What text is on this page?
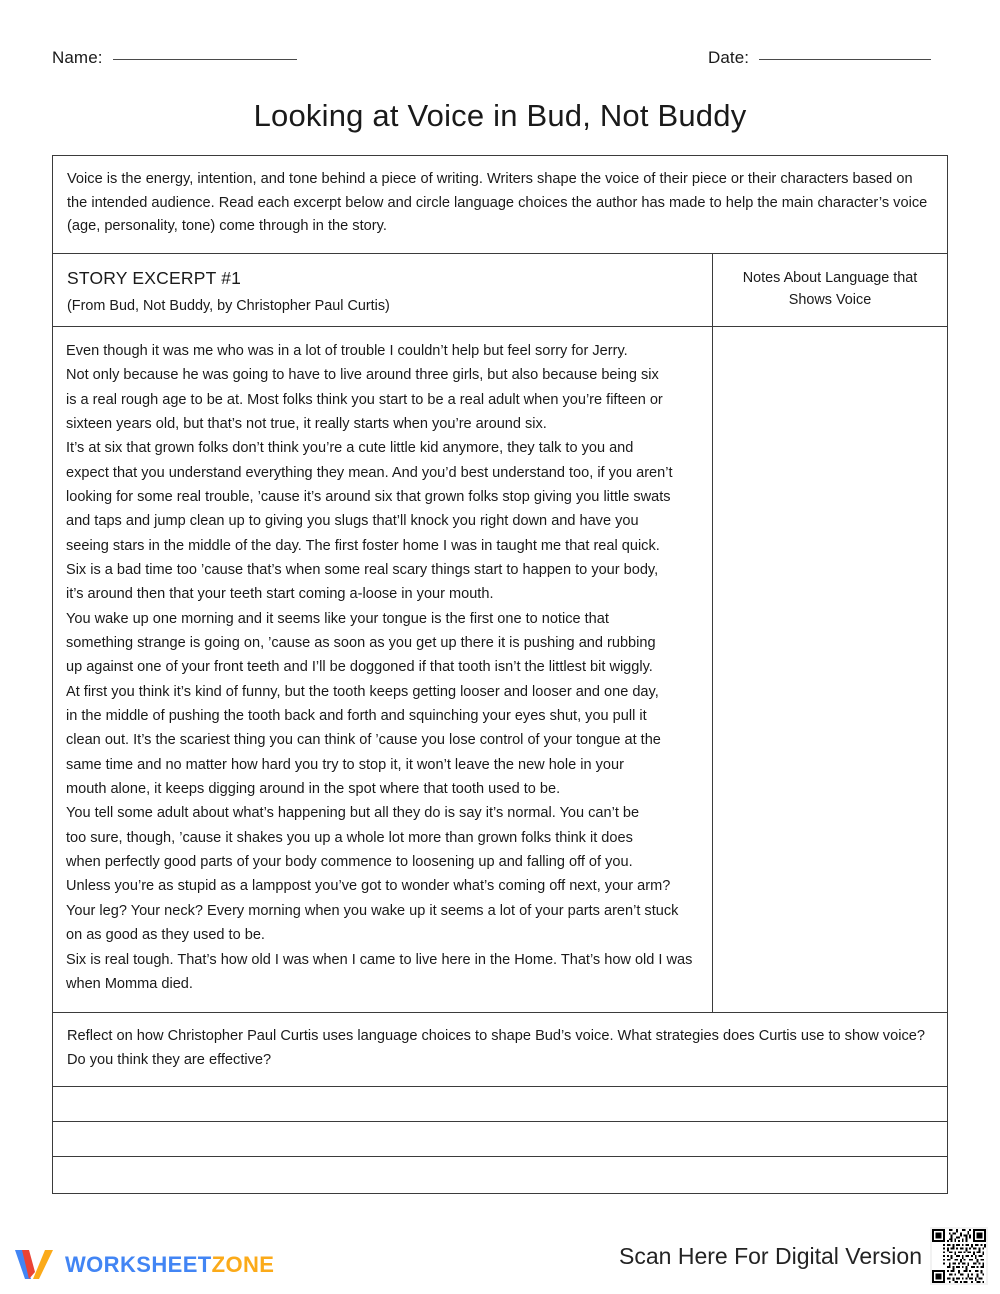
Name:	Date:
Looking at Voice in Bud, Not Buddy

Voice is the energy, intention, and tone behind a piece of writing. Writers shape the voice of their piece or their characters based on the intended audience. Read each excerpt below and circle language choices the author has made to help the main character’s voice (age, personality, tone) come through in the story.

STORY EXCERPT #1
(From Bud, Not Buddy, by Christopher Paul Curtis)
Notes About Language that Shows Voice
Even though it was me who was in a lot of trouble I couldn’t help but feel sorry for Jerry.
Not only because he was going to have to live around three girls, but also because being six
is a real rough age to be at. Most folks think you start to be a real adult when you’re fifteen or
sixteen years old, but that’s not true, it really starts when you’re around six.
It’s at six that grown folks don’t think you’re a cute little kid anymore, they talk to you and
expect that you understand everything they mean. And you’d best understand too, if you aren’t
looking for some real trouble, ’cause it’s around six that grown folks stop giving you little swats
and taps and jump clean up to giving you slugs that’ll knock you right down and have you
seeing stars in the middle of the day. The first foster home I was in taught me that real quick.
Six is a bad time too ’cause that’s when some real scary things start to happen to your body,
it’s around then that your teeth start coming a-loose in your mouth.
You wake up one morning and it seems like your tongue is the first one to notice that
something strange is going on, ’cause as soon as you get up there it is pushing and rubbing
up against one of your front teeth and I’ll be doggoned if that tooth isn’t the littlest bit wiggly.
At first you think it’s kind of funny, but the tooth keeps getting looser and looser and one day,
in the middle of pushing the tooth back and forth and squinching your eyes shut, you pull it
clean out. It’s the scariest thing you can think of ’cause you lose control of your tongue at the
same time and no matter how hard you try to stop it, it won’t leave the new hole in your
mouth alone, it keeps digging around in the spot where that tooth used to be.
You tell some adult about what’s happening but all they do is say it’s normal. You can’t be
too sure, though, ’cause it shakes you up a whole lot more than grown folks think it does
when perfectly good parts of your body commence to loosening up and falling off of you.
Unless you’re as stupid as a lamppost you’ve got to wonder what’s coming off next, your arm?
Your leg? Your neck? Every morning when you wake up it seems a lot of your parts aren’t stuck
on as good as they used to be.
Six is real tough. That’s how old I was when I came to live here in the Home. That’s how old I was
when Momma died.

Reflect on how Christopher Paul Curtis uses language choices to shape Bud’s voice. What strategies does Curtis use to show voice? Do you think they are effective?

WORKSHEETZONE	Scan Here For Digital Version
